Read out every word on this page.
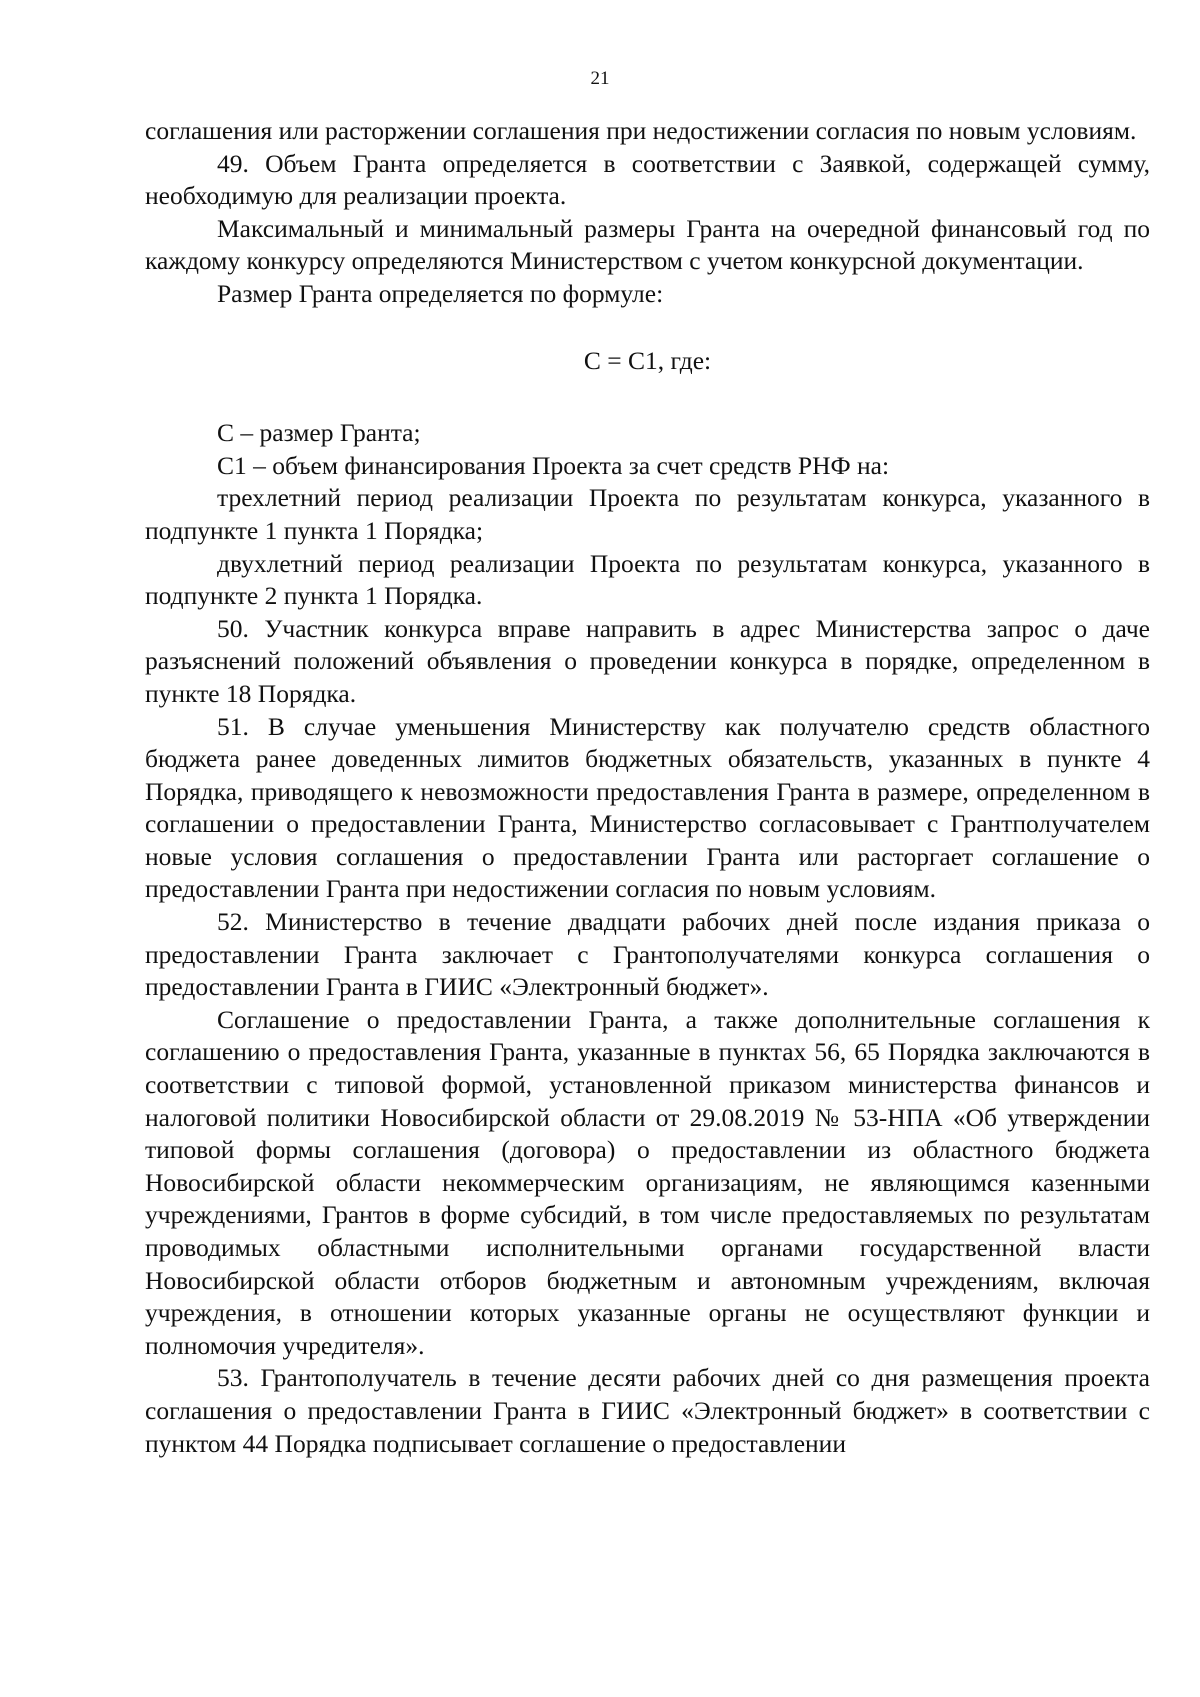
21

соглашения или расторжении соглашения при недостижении согласия по новым условиям.

49. Объем Гранта определяется в соответствии с Заявкой, содержащей сумму, необходимую для реализации проекта.

Максимальный и минимальный размеры Гранта на очередной финансовый год по каждому конкурсу определяются Министерством с учетом конкурсной документации.

Размер Гранта определяется по формуле:

С = С1, где:

С – размер Гранта;

С1 – объем финансирования Проекта за счет средств РНФ на:

трехлетний период реализации Проекта по результатам конкурса, указанного в подпункте 1 пункта 1 Порядка;

двухлетний период реализации Проекта по результатам конкурса, указанного в подпункте 2 пункта 1 Порядка.

50. Участник конкурса вправе направить в адрес Министерства запрос о даче разъяснений положений объявления о проведении конкурса в порядке, определенном в пункте 18 Порядка.

51. В случае уменьшения Министерству как получателю средств областного бюджета ранее доведенных лимитов бюджетных обязательств, указанных в пункте 4 Порядка, приводящего к невозможности предоставления Гранта в размере, определенном в соглашении о предоставлении Гранта, Министерство согласовывает с Грантполучателем новые условия соглашения о предоставлении Гранта или расторгает соглашение о предоставлении Гранта при недостижении согласия по новым условиям.

52. Министерство в течение двадцати рабочих дней после издания приказа о предоставлении Гранта заключает с Грантополучателями конкурса соглашения о предоставлении Гранта в ГИИС «Электронный бюджет».

Соглашение о предоставлении Гранта, а также дополнительные соглашения к соглашению о предоставления Гранта, указанные в пунктах 56, 65 Порядка заключаются в соответствии с типовой формой, установленной приказом министерства финансов и налоговой политики Новосибирской области от 29.08.2019 № 53-НПА «Об утверждении типовой формы соглашения (договора) о предоставлении из областного бюджета Новосибирской области некоммерческим организациям, не являющимся казенными учреждениями, Грантов в форме субсидий, в том числе предоставляемых по результатам проводимых областными исполнительными органами государственной власти Новосибирской области отборов бюджетным и автономным учреждениям, включая учреждения, в отношении которых указанные органы не осуществляют функции и полномочия учредителя».

53. Грантополучатель в течение десяти рабочих дней со дня размещения проекта соглашения о предоставлении Гранта в ГИИС «Электронный бюджет» в соответствии с пунктом 44 Порядка подписывает соглашение о предоставлении
